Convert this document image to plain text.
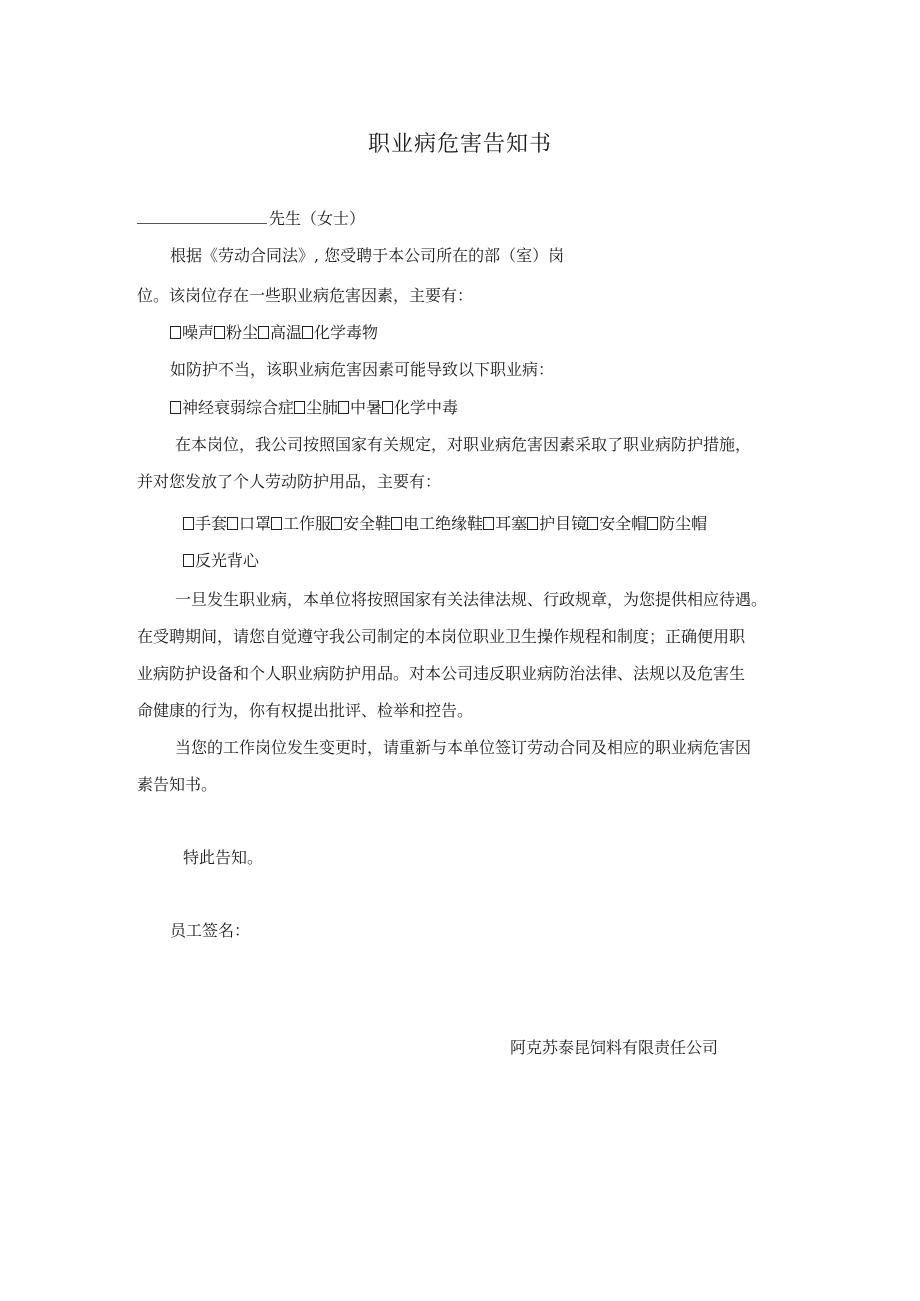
职业病危害告知书
先生（女士）
根据《劳动合同法》, 您受聘于本公司所在的部（室）岗
位。该岗位存在一些职业病危害因素，主要有：
噪声 粉尘 高温 化学毒物
如防护不当，该职业病危害因素可能导致以下职业病：
神经衰弱综合症 尘肺 中暑 化学中毒
在本岗位，我公司按照国家有关规定，对职业病危害因素采取了职业病防护措施，
并对您发放了个人劳动防护用品，主要有：
手套 口罩 工作服 安全鞋 电工绝缘鞋 耳塞 护目镜 安全帽 防尘帽
反光背心
一旦发生职业病，本单位将按照国家有关法律法规、行政规章，为您提供相应待遇。
在受聘期间，请您自觉遵守我公司制定的本岗位职业卫生操作规程和制度；正确便用职
业病防护设备和个人职业病防护用品。对本公司违反职业病防治法律、法规以及危害生
命健康的行为，你有权提出批评、检举和控告。
当您的工作岗位发生变更时，请重新与本单位签订劳动合同及相应的职业病危害因
素告知书。
特此告知。
员工签名：
阿克苏泰昆饲料有限责任公司
